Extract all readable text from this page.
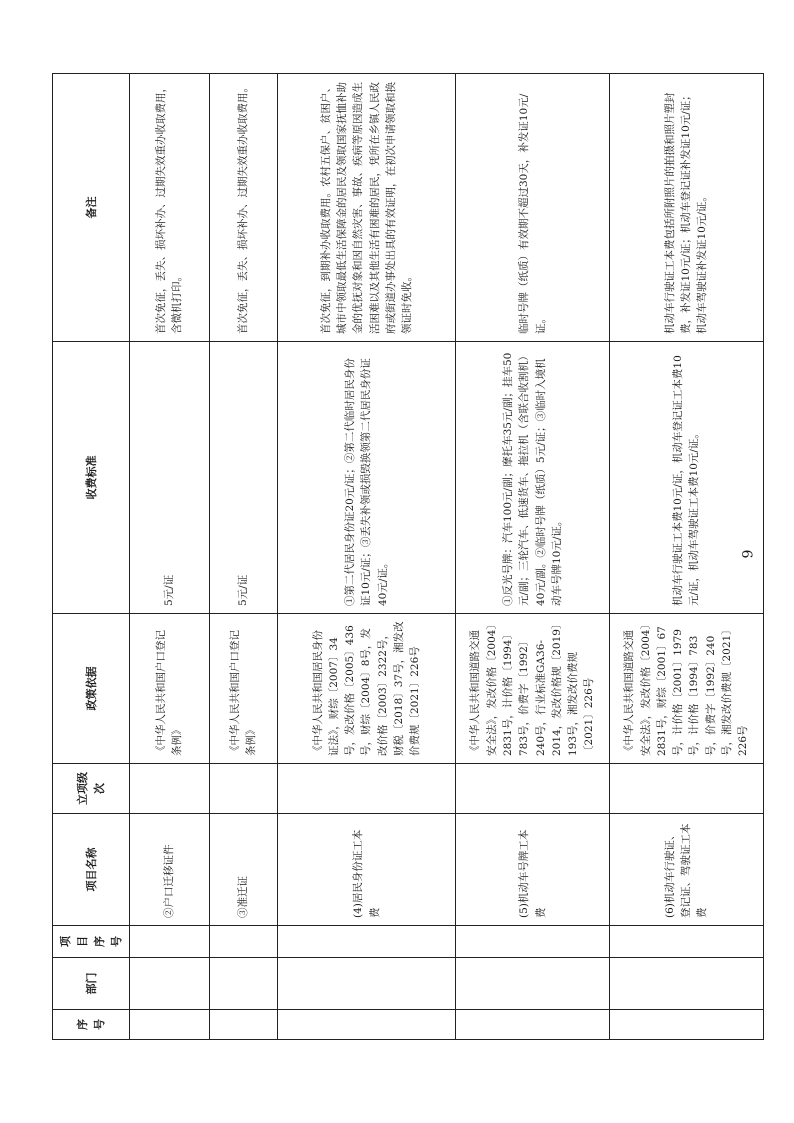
序号	部门	项目序号	项目名称	立项级次	政策依据	收费标准	备注
			②户口迁移证件		《中华人民共和国户口登记条例》	5元/证	首次免征，丢失、损坏补办、过期失效重办收取费用，含微机打印。
			③准迁证		《中华人民共和国户口登记条例》	5元/证	首次免征，丢失、损坏补办、过期失效重办收取费用。
			(4)居民身份证工本费		《中华人民共和国居民身份证法》，财综〔2007〕34号，发改价格〔2005〕436号，财综〔2004〕8号，发改价格〔2003〕2322号，财税〔2018〕37号，湘发改价费规〔2021〕226号	①第二代居民身份证20元/证；②第二代临时居民身份证10元/证；③丢失补领或损毁换领第二代居民身份证40元/证。	首次免征，到期补办收取费用。农村五保户、贫困户、城市中领取最低生活保障金的居民及领取国家抚恤补助金的优抚对象和因自然灾害、事故、疾病等原因造成生活困难以及其他生活有困难的居民，凭所在乡镇人民政府或街道办事处出具的有效证明，在初次申请领取和换领证时免收。
			(5)机动车号牌工本费		《中华人民共和国道路交通安全法》，发改价格〔2004〕2831号，计价格〔1994〕783号，价费字〔1992〕240号，行业标准GA36-2014，发改价格规〔2019〕193号，湘发改价费规〔2021〕226号	①反光号牌：汽车100元/副；摩托车35元/副；挂车50元/副；三轮汽车、低速货车、拖拉机（含联合收割机）40元/副。②临时号牌（纸质）5元/证；③临时入境机动车号牌10元/证。	临时号牌（纸质）有效期不超过30天，补发证10元/证。
			(6)机动车行驶证、登记证、驾驶证工本费		《中华人民共和国道路交通安全法》，发改价格〔2004〕2831号，财综〔2001〕67号，计价格〔2001〕1979号，计价格〔1994〕783号，价费字〔1992〕240号，湘发改价费规〔2021〕226号	机动车行驶证工本费10元/证，机动车登记证工本费10元/证，机动车驾驶证工本费10元/证。	机动车行驶证工本费包括所附照片的拍摄和照片塑封费，补发证10元/证；机动车登记证补发证10元/证；机动车驾驶证补发证10元/证。
9
